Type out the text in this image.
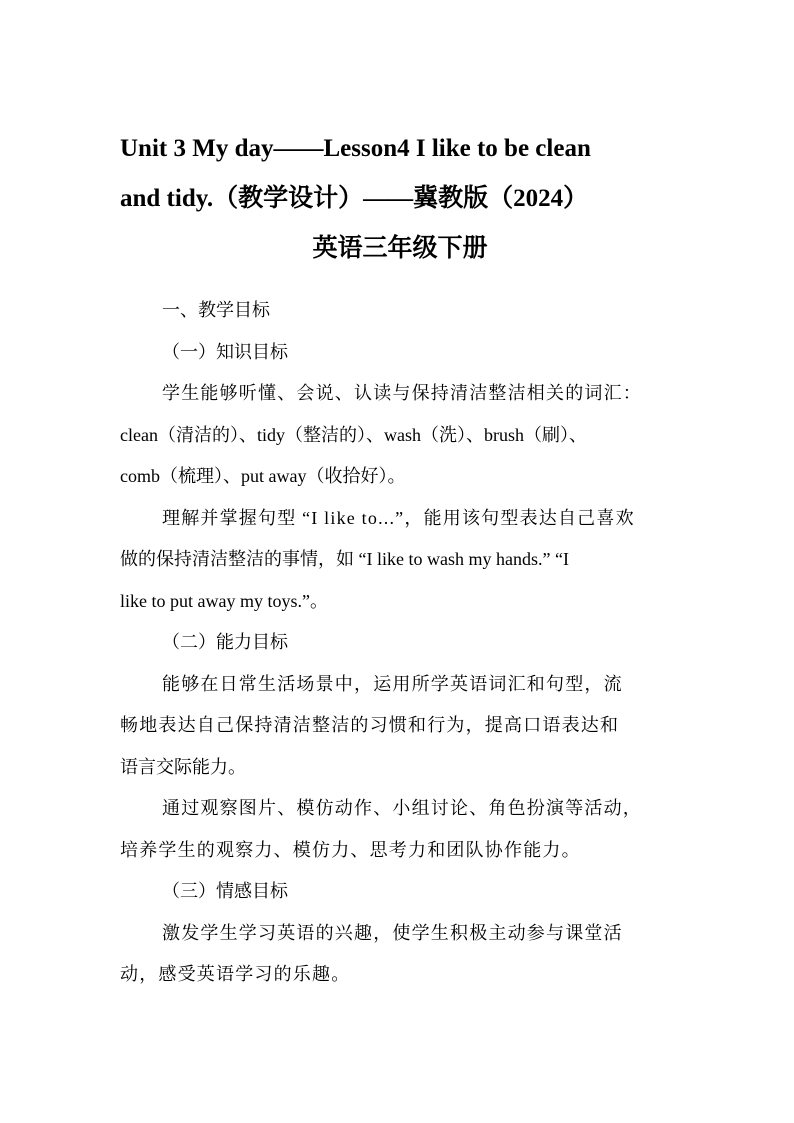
Unit 3 My day——Lesson4 I like to be clean
and tidy.（教学设计）——冀教版（2024）
英语三年级下册
一、教学目标
（一）知识目标
学生能够听懂、会说、认读与保持清洁整洁相关的词汇：
clean（清洁的）、tidy（整洁的）、wash（洗）、brush（刷）、
comb（梳理）、put away（收拾好）。
理解并掌握句型 “I like to...”，能用该句型表达自己喜欢
做的保持清洁整洁的事情，如 “I like to wash my hands.” “I
like to put away my toys.”。
（二）能力目标
能够在日常生活场景中，运用所学英语词汇和句型，流
畅地表达自己保持清洁整洁的习惯和行为，提高口语表达和
语言交际能力。
通过观察图片、模仿动作、小组讨论、角色扮演等活动，
培养学生的观察力、模仿力、思考力和团队协作能力。
（三）情感目标
激发学生学习英语的兴趣，使学生积极主动参与课堂活
动，感受英语学习的乐趣。
